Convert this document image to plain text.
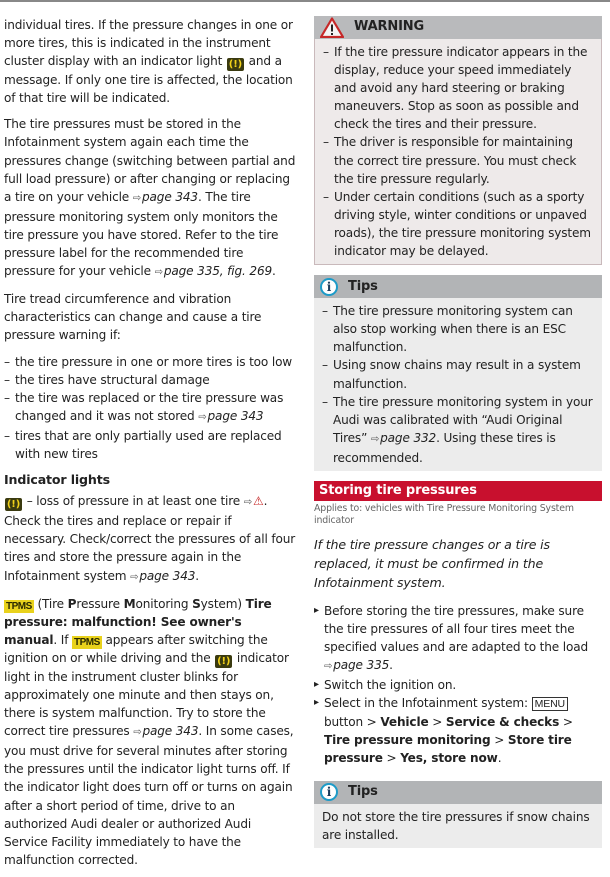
individual tires. If the pressure changes in one or more tires, this is indicated in the instrument cluster display with an indicator light (!) and a message. If only one tire is affected, the location of that tire will be indicated.

The tire pressures must be stored in the Infotainment system again each time the pressures change (switching between partial and full load pressure) or after changing or replacing a tire on your vehicle ⇨page 343. The tire pressure monitoring system only monitors the tire pressure you have stored. Refer to the tire pressure label for the recommended tire pressure for your vehicle ⇨page 335, fig. 269.

Tire tread circumference and vibration characteristics can change and cause a tire pressure warning if:

– the tire pressure in one or more tires is too low
– the tires have structural damage
– the tire was replaced or the tire pressure was changed and it was not stored ⇨page 343
– tires that are only partially used are replaced with new tires
Indicator lights

(!) – loss of pressure in at least one tire ⇨⚠. Check the tires and replace or repair if necessary. Check/correct the pressures of all four tires and store the pressure again in the Infotainment system ⇨page 343.

TPMS (Tire Pressure Monitoring System) Tire pressure: malfunction! See owner's manual. If TPMS appears after switching the ignition on or while driving and the (!) indicator light in the instrument cluster blinks for approximately one minute and then stays on, there is system malfunction. Try to store the correct tire pressures ⇨page 343. In some cases, you must drive for several minutes after storing the pressures until the indicator light turns off. If the indicator light does turn off or turns on again after a short period of time, drive to an authorized Audi dealer or authorized Audi Service Facility immediately to have the malfunction corrected.

WARNING
– If the tire pressure indicator appears in the display, reduce your speed immediately and avoid any hard steering or braking maneuvers. Stop as soon as possible and check the tires and their pressure.
– The driver is responsible for maintaining the correct tire pressure. You must check the tire pressure regularly.
– Under certain conditions (such as a sporty driving style, winter conditions or unpaved roads), the tire pressure monitoring system indicator may be delayed.
i	Tips
– The tire pressure monitoring system can also stop working when there is an ESC malfunction.
– Using snow chains may result in a system malfunction.
– The tire pressure monitoring system in your Audi was calibrated with “Audi Original Tires” ⇨page 332. Using these tires is recommended.
Storing tire pressures
Applies to: vehicles with Tire Pressure Monitoring System indicator

If the tire pressure changes or a tire is replaced, it must be confirmed in the Infotainment system.

▸ Before storing the tire pressures, make sure the tire pressures of all four tires meet the specified values and are adapted to the load ⇨page 335.
▸ Switch the ignition on.
▸ Select in the Infotainment system: MENU button > Vehicle > Service & checks > Tire pressure monitoring > Store tire pressure > Yes, store now.
i	Tips
Do not store the tire pressures if snow chains are installed.
